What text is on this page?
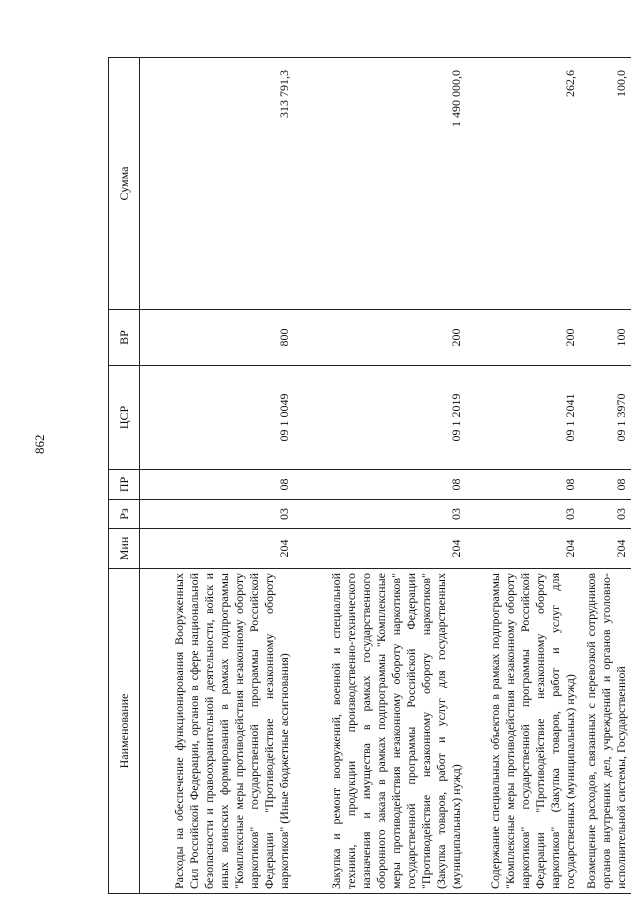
862
Наименование	Мин	Рз	ПР	ЦСР	ВР	Сумма
Расходы на обеспечение функционирования Вооруженных Сил Российской Федерации, органов в сфере национальной безопасности и правоохранительной деятельности, войск и иных воинских формирований в рамках подпрограммы "Комплексные меры противодействия незаконному обороту наркотиков" государственной программы Российской Федерации "Противодействие незаконному обороту наркотиков" (Иные бюджетные ассигнования)	204	03	08	09 1 0049	800	313 791,3
Закупка и ремонт вооружений, военной и специальной техники, продукции производственно-технического назначения и имущества в рамках государственного оборонного заказа в рамках подпрограммы "Комплексные меры противодействия незаконному обороту наркотиков" государственной программы Российской Федерации "Противодействие незаконному обороту наркотиков" (Закупка товаров, работ и услуг для государственных (муниципальных) нужд)	204	03	08	09 1 2019	200	1 490 000,0
Содержание специальных объектов в рамках подпрограммы "Комплексные меры противодействия незаконному обороту наркотиков" государственной программы Российской Федерации "Противодействие незаконному обороту наркотиков" (Закупка товаров, работ и услуг для государственных (муниципальных) нужд)	204	03	08	09 1 2041	200	262,6
Возмещение расходов, связанных с перевозкой сотрудников органов внутренних дел, учреждений и органов уголовно-исполнительной системы, Государственной	204	03	08	09 1 3970	100	100,0
